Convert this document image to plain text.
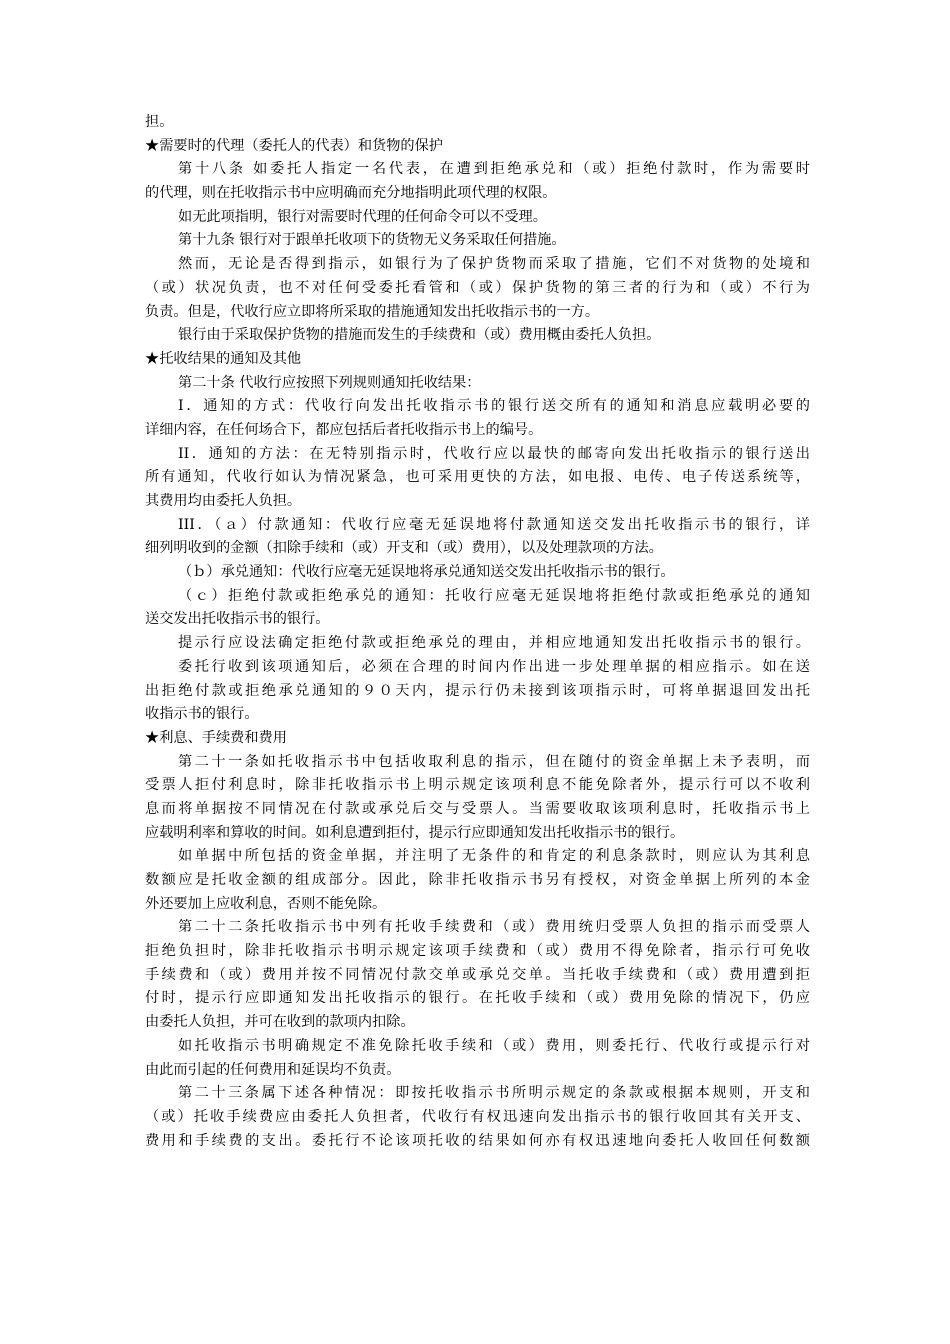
担。
★需要时的代理（委托人的代表）和货物的保护
第十八条 如委托人指定一名代表，在遭到拒绝承兑和（或）拒绝付款时，作为需要时
的代理，则在托收指示书中应明确而充分地指明此项代理的权限。
如无此项指明，银行对需要时代理的任何命令可以不受理。
第十九条 银行对于跟单托收项下的货物无义务采取任何措施。
然而，无论是否得到指示，如银行为了保护货物而采取了措施，它们不对货物的处境和
（或）状况负责，也不对任何受委托看管和（或）保护货物的第三者的行为和（或）不行为
负责。但是，代收行应立即将所采取的措施通知发出托收指示书的一方。
银行由于采取保护货物的措施而发生的手续费和（或）费用概由委托人负担。
★托收结果的通知及其他
第二十条 代收行应按照下列规则通知托收结果：
I．通知的方式：代收行向发出托收指示书的银行送交所有的通知和消息应载明必要的
详细内容，在任何场合下，都应包括后者托收指示书上的编号。
II．通知的方法：在无特别指示时，代收行应以最快的邮寄向发出托收指示的银行送出
所有通知，代收行如认为情况紧急，也可采用更快的方法，如电报、电传、电子传送系统等，
其费用均由委托人负担。
III．（ａ）付款通知：代收行应毫无延误地将付款通知送交发出托收指示书的银行，详
细列明收到的金额（扣除手续和（或）开支和（或）费用），以及处理款项的方法。
（ｂ）承兑通知：代收行应毫无延误地将承兑通知送交发出托收指示书的银行。
（ｃ）拒绝付款或拒绝承兑的通知：托收行应毫无延误地将拒绝付款或拒绝承兑的通知
送交发出托收指示书的银行。
提示行应设法确定拒绝付款或拒绝承兑的理由，并相应地通知发出托收指示书的银行。
委托行收到该项通知后，必须在合理的时间内作出进一步处理单据的相应指示。如在送
出拒绝付款或拒绝承兑通知的９０天内，提示行仍未接到该项指示时，可将单据退回发出托
收指示书的银行。
★利息、手续费和费用
第二十一条如托收指示书中包括收取利息的指示，但在随付的资金单据上未予表明，而
受票人拒付利息时，除非托收指示书上明示规定该项利息不能免除者外，提示行可以不收利
息而将单据按不同情况在付款或承兑后交与受票人。当需要收取该项利息时，托收指示书上
应载明利率和算收的时间。如利息遭到拒付，提示行应即通知发出托收指示书的银行。
如单据中所包括的资金单据，并注明了无条件的和肯定的利息条款时，则应认为其利息
数额应是托收金额的组成部分。因此，除非托收指示书另有授权，对资金单据上所列的本金
外还要加上应收利息，否则不能免除。
第二十二条托收指示书中列有托收手续费和（或）费用统归受票人负担的指示而受票人
拒绝负担时，除非托收指示书明示规定该项手续费和（或）费用不得免除者，指示行可免收
手续费和（或）费用并按不同情况付款交单或承兑交单。当托收手续费和（或）费用遭到拒
付时，提示行应即通知发出托收指示的银行。在托收手续和（或）费用免除的情况下，仍应
由委托人负担，并可在收到的款项内扣除。
如托收指示书明确规定不准免除托收手续和（或）费用，则委托行、代收行或提示行对
由此而引起的任何费用和延误均不负责。
第二十三条属下述各种情况：即按托收指示书所明示规定的条款或根据本规则，开支和
（或）托收手续费应由委托人负担者，代收行有权迅速向发出指示书的银行收回其有关开支、
费用和手续费的支出。委托行不论该项托收的结果如何亦有权迅速地向委托人收回任何数额
